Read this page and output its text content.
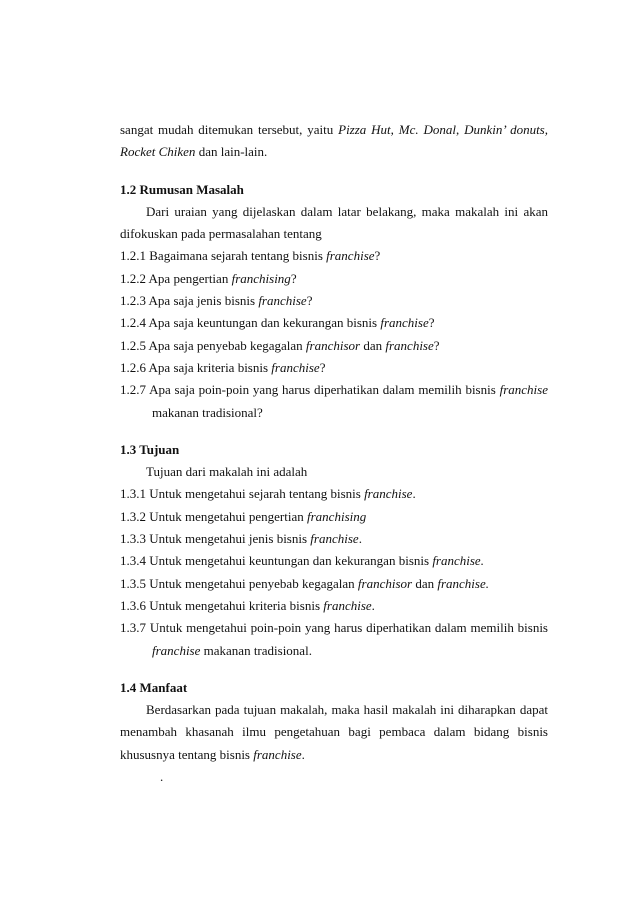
sangat mudah ditemukan tersebut, yaitu Pizza Hut, Mc. Donal, Dunkin’ donuts,
Rocket Chiken dan lain-lain.
1.2 Rumusan Masalah
Dari uraian yang dijelaskan dalam latar belakang, maka makalah ini akan
difokuskan pada permasalahan tentang
1.2.1 Bagaimana sejarah tentang bisnis franchise?
1.2.2 Apa pengertian franchising?
1.2.3 Apa saja jenis bisnis franchise?
1.2.4 Apa saja keuntungan dan kekurangan bisnis franchise?
1.2.5 Apa saja penyebab kegagalan franchisor dan franchise?
1.2.6 Apa saja kriteria bisnis franchise?
1.2.7 Apa saja poin-poin yang harus diperhatikan dalam memilih bisnis franchise
makanan tradisional?
1.3 Tujuan
Tujuan dari makalah ini adalah
1.3.1 Untuk mengetahui sejarah tentang bisnis franchise.
1.3.2 Untuk mengetahui pengertian franchising
1.3.3 Untuk mengetahui jenis bisnis franchise.
1.3.4 Untuk mengetahui keuntungan dan kekurangan bisnis franchise.
1.3.5 Untuk mengetahui penyebab kegagalan franchisor dan franchise.
1.3.6 Untuk mengetahui kriteria bisnis franchise.
1.3.7 Untuk mengetahui poin-poin yang harus diperhatikan dalam memilih bisnis
franchise makanan tradisional.
1.4 Manfaat
Berdasarkan pada tujuan makalah, maka hasil makalah ini diharapkan dapat
menambah khasanah ilmu pengetahuan bagi pembaca dalam bidang bisnis
khususnya tentang bisnis franchise.
.
